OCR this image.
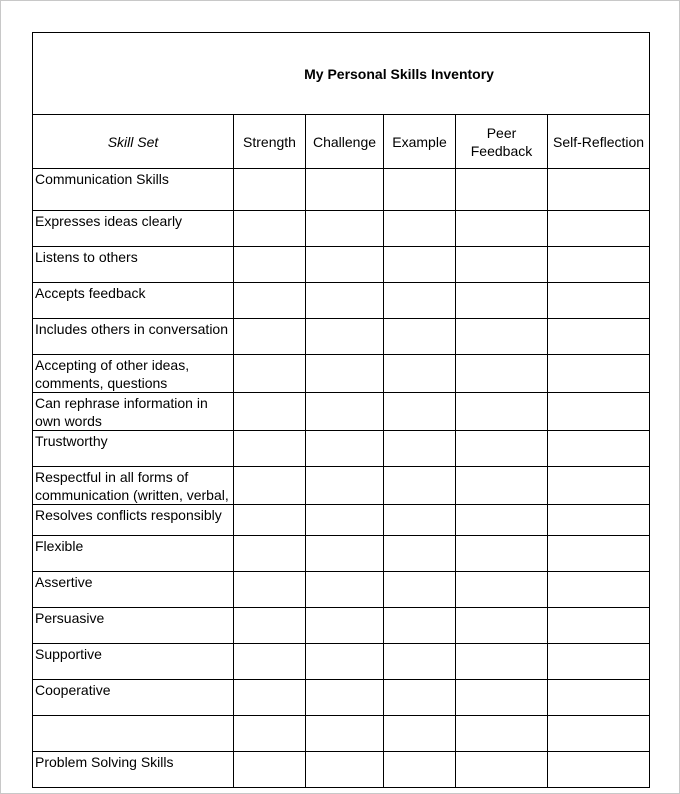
My Personal Skills Inventory					
Skill Set	Strength	Challenge	Example	Peer Feedback	Self-Reflection

Communication Skills					

Expresses ideas clearly					

Listens to others					

Accepts feedback					

Includes others in conversation					

Accepting of other ideas, comments, questions					

Can rephrase information in own words					

Trustworthy					

Respectful in all forms of communication (written, verbal,					

Resolves conflicts responsibly					

Flexible					

Assertive					

Persuasive					

Supportive					

Cooperative					

Problem Solving Skills					
